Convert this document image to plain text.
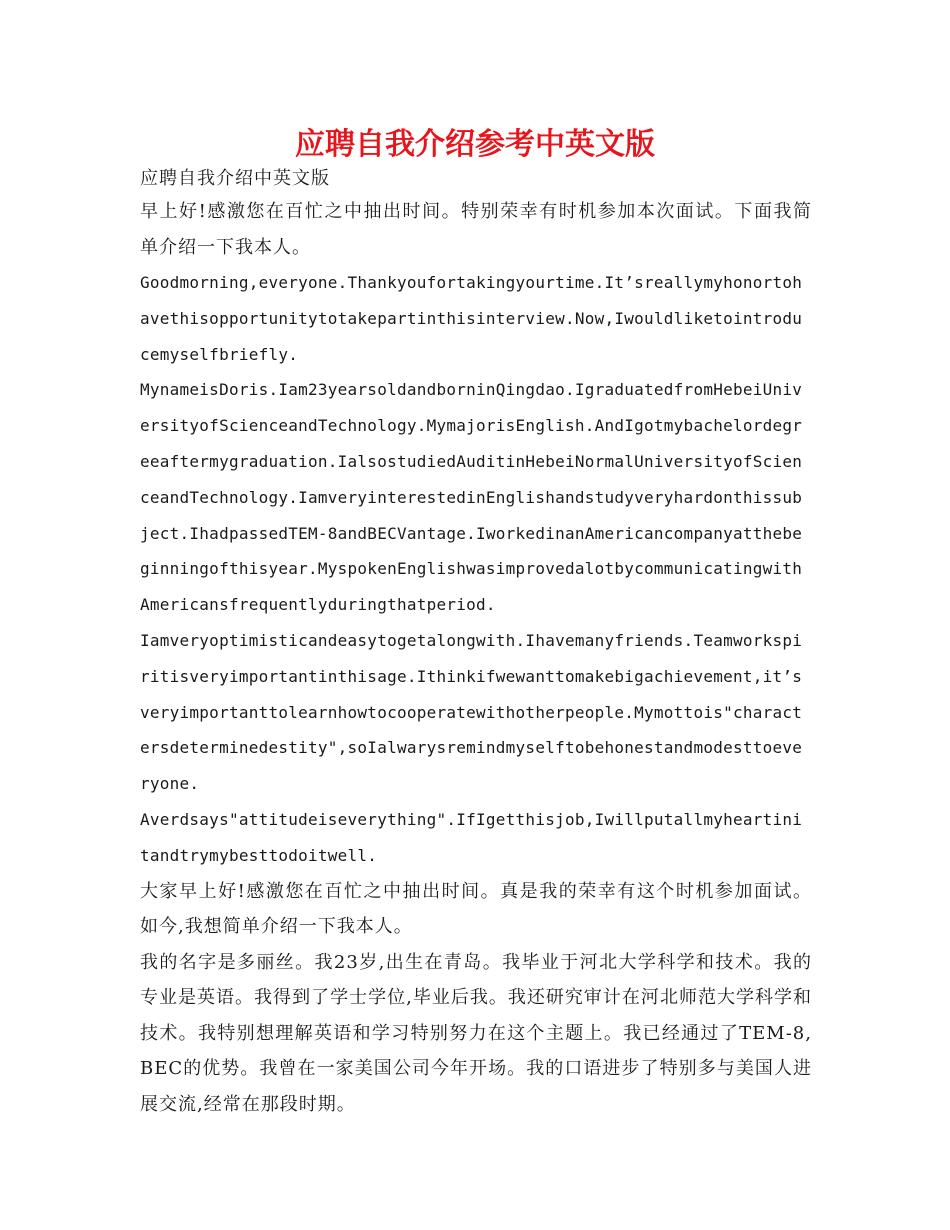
应聘自我介绍参考中英文版

应聘自我介绍中英文版

早上好!感激您在百忙之中抽出时间。特别荣幸有时机参加本次面试。下面我简单介绍一下我本人。

Goodmorning,everyone.Thankyoufortakingyourtime.It’sreallymyhonortohavethisopportunitytotakepartinthisinterview.Now,Iwouldliketointroducemyselfbriefly.

MynameisDoris.Iam23yearsoldandborninQingdao.IgraduatedfromHebeiUniversityofScienceandTechnology.MymajorisEnglish.AndIgotmybachelordegreeaftermygraduation.IalsostudiedAuditinHebeiNormalUniversityofScienceandTechnology.IamveryinterestedinEnglishandstudyveryhardonthissubject.IhadpassedTEM-8andBECVantage.IworkedinanAmericancompanyatthebeginningofthisyear.MyspokenEnglishwasimprovedalotbycommunicatingwithAmericansfrequentlyduringthatperiod.

Iamveryoptimisticandeasytogetalongwith.Ihavemanyfriends.Teamworkspiritisveryimportantinthisage.Ithinkifwewanttomakebigachievement,it’sveryimportanttolearnhowtocooperatewithotherpeople.Mymottois"charactersdeterminedestity",soIalwarysremindmyselftobehonestandmodesttoeveryone.

Averdsays"attitudeiseverything".IfIgetthisjob,Iwillputallmyheartinitandtrymybesttodoitwell.

大家早上好!感激您在百忙之中抽出时间。真是我的荣幸有这个时机参加面试。如今,我想简单介绍一下我本人。

我的名字是多丽丝。我23岁,出生在青岛。我毕业于河北大学科学和技术。我的专业是英语。我得到了学士学位,毕业后我。我还研究审计在河北师范大学科学和技术。我特别想理解英语和学习特别努力在这个主题上。我已经通过了TEM-8,BEC的优势。我曾在一家美国公司今年开场。我的口语进步了特别多与美国人进展交流,经常在那段时期。
